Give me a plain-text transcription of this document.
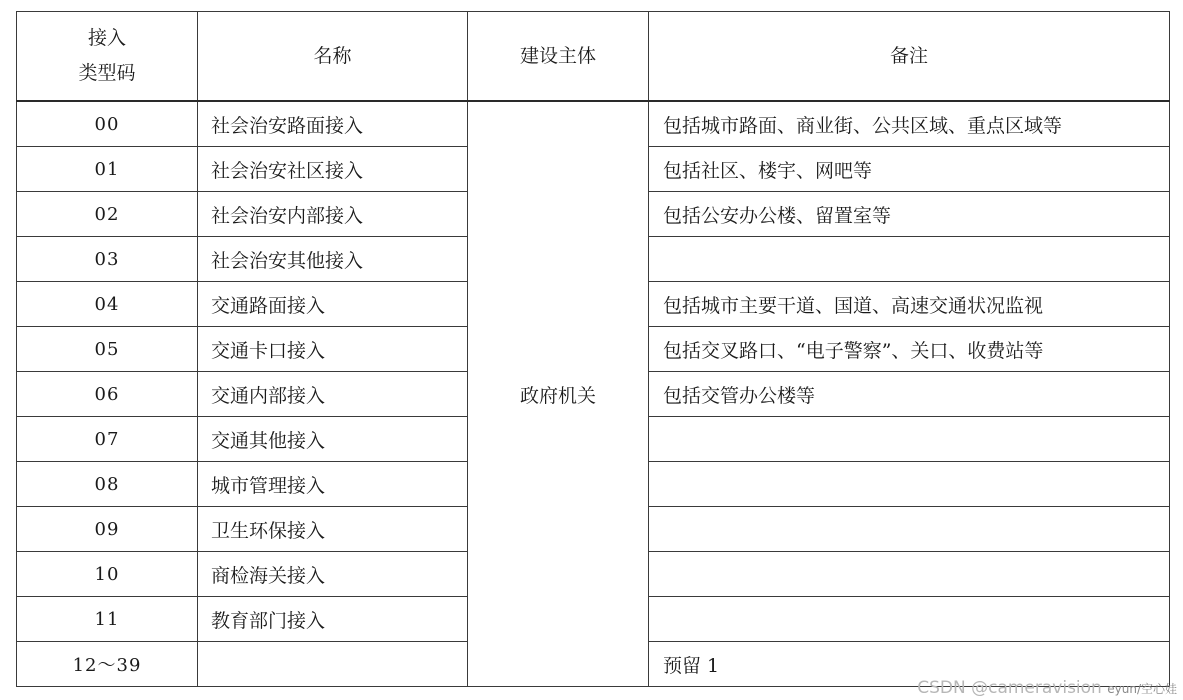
接入
类型码	名称	建设主体	备注
00	社会治安路面接入	政府机关	包括城市路面、商业街、公共区域、重点区域等
01	社会治安社区接入		包括社区、楼宇、网吧等
02	社会治安内部接入		包括公安办公楼、留置室等
03	社会治安其他接入		
04	交通路面接入		包括城市主要干道、国道、高速交通状况监视
05	交通卡口接入		包括交叉路口、“电子警察”、关口、收费站等
06	交通内部接入		包括交管办公楼等
07	交通其他接入		
08	城市管理接入		
09	卫生环保接入		
10	商检海关接入		
11	教育部门接入		
12～39			预留 1
CSDN @cameravision eyun/空心娃
